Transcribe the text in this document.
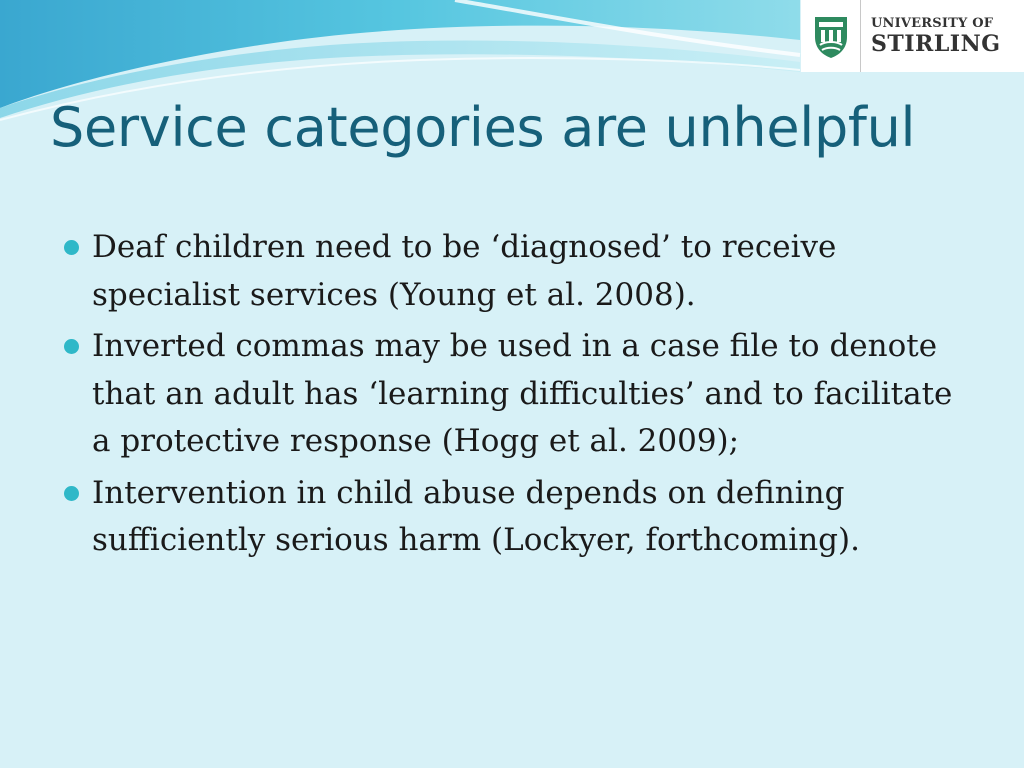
UNIVERSITY OF
STIRLING
Service categories are unhelpful
Deaf children need to be ‘diagnosed’ to receive specialist services (Young et al. 2008).
Inverted commas may be used in a case file to denote that an adult has ‘learning difficulties’ and to facilitate a protective response (Hogg et al. 2009);
Intervention in child abuse depends on defining sufficiently serious harm (Lockyer, forthcoming).
